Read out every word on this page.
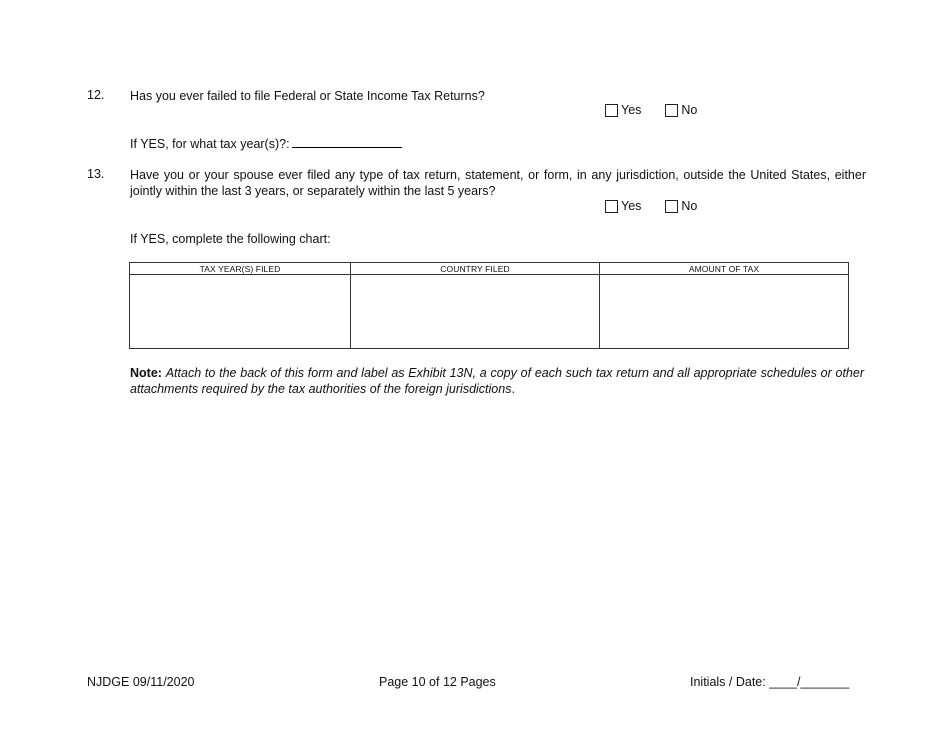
12. Has you ever failed to file Federal or State Income Tax Returns?
Yes	No
If YES, for what tax year(s)?:
13. Have you or your spouse ever filed any type of tax return, statement, or form, in any jurisdiction, outside the United States, either jointly within the last 3 years, or separately within the last 5 years?
Yes	No
If YES, complete the following chart:
TAX YEAR(S) FILED	COUNTRY FILED	AMOUNT OF TAX

Note: Attach to the back of this form and label as Exhibit 13N, a copy of each such tax return and all appropriate schedules or other attachments required by the tax authorities of the foreign jurisdictions.
NJDGE 09/11/2020	Page 10 of 12 Pages	Initials / Date: ____/_______
